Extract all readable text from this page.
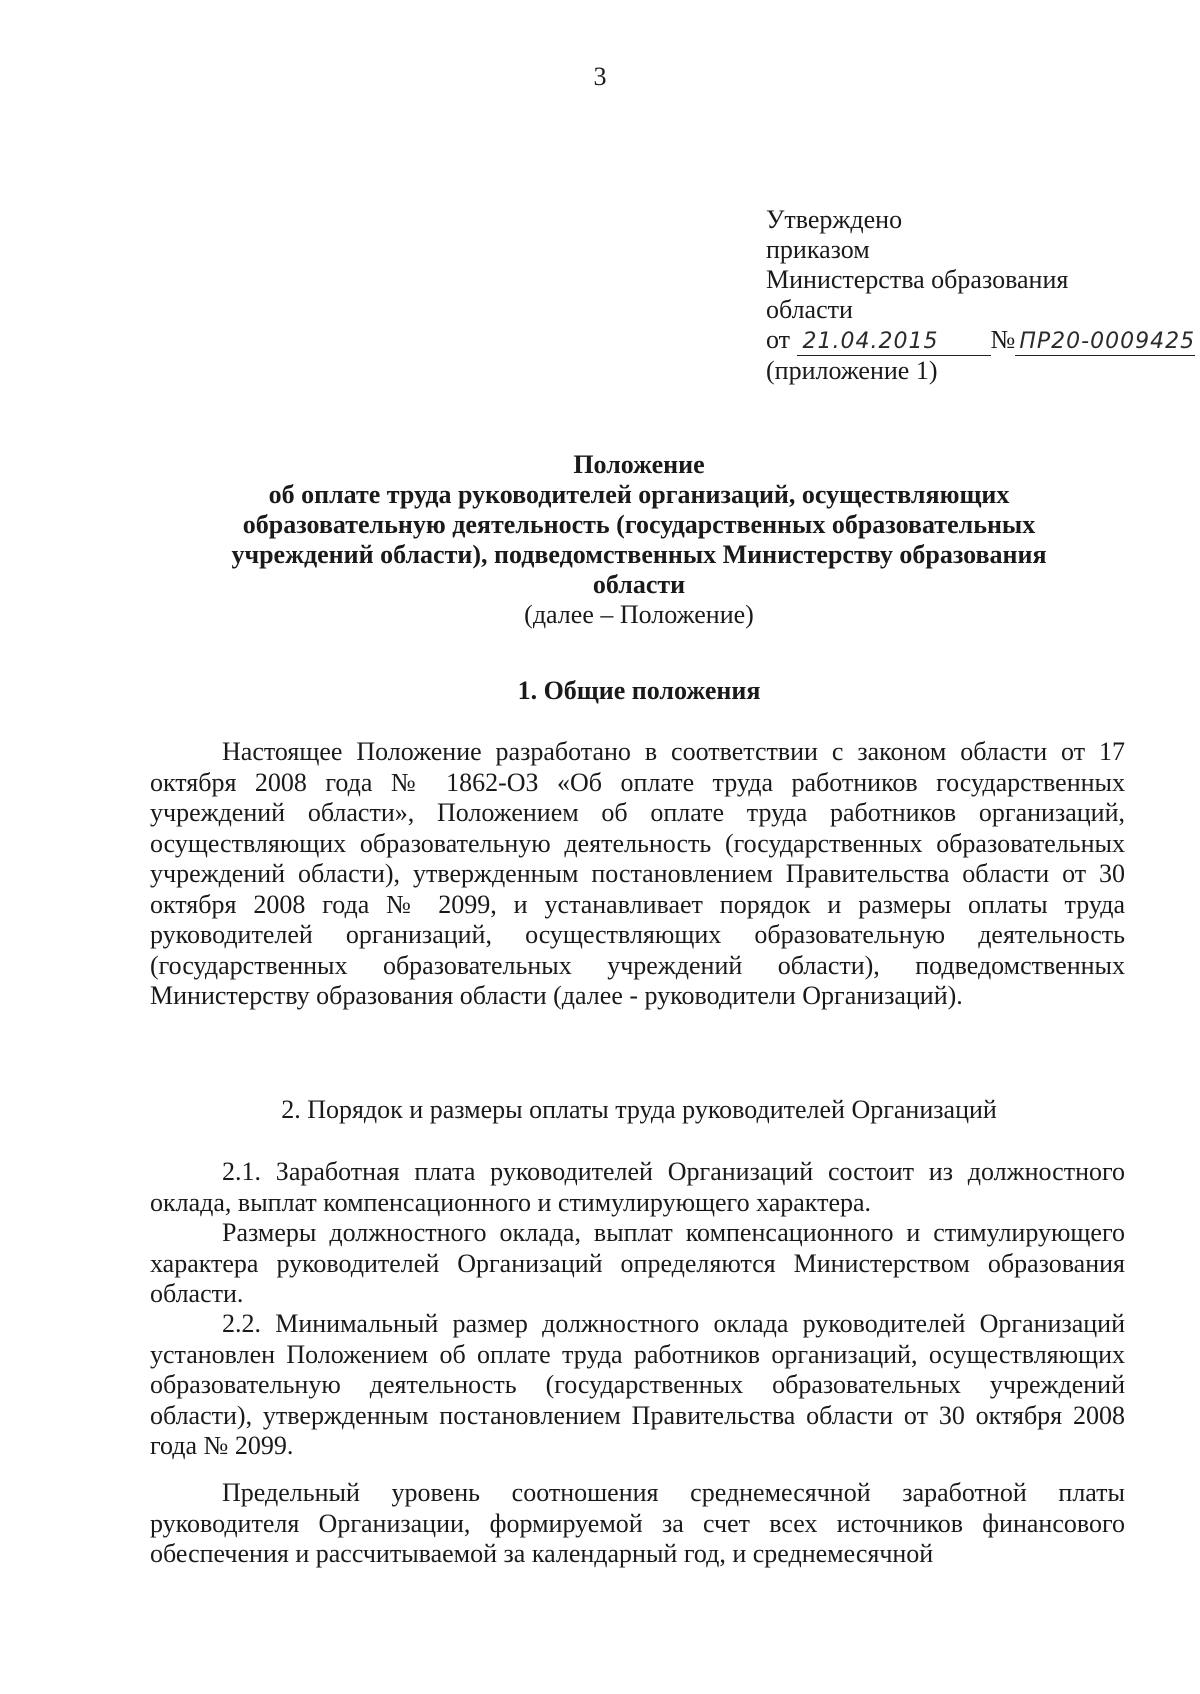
3
Утверждено
приказом
Министерства образования
области
от 21.04.2015 № ПР20-0009425
(приложение 1)
Положение
об оплате труда руководителей организаций, осуществляющих
образовательную деятельность (государственных образовательных
учреждений области), подведомственных Министерству образования
области
(далее – Положение)
1. Общие положения
Настоящее Положение разработано в соответствии с законом области от 17 октября 2008 года № 1862-ОЗ «Об оплате труда работников государственных учреждений области», Положением об оплате труда работников организаций, осуществляющих образовательную деятельность (государственных образовательных учреждений области), утвержденным постановлением Правительства области от 30 октября 2008 года № 2099, и устанавливает порядок и размеры оплаты труда руководителей организаций, осуществляющих образовательную деятельность (государственных образовательных учреждений области), подведомственных Министерству образования области (далее - руководители Организаций).
2. Порядок и размеры оплаты труда руководителей Организаций
2.1. Заработная плата руководителей Организаций состоит из должностного оклада, выплат компенсационного и стимулирующего характера.
Размеры должностного оклада, выплат компенсационного и стимулирующего характера руководителей Организаций определяются Министерством образования области.
2.2. Минимальный размер должностного оклада руководителей Организаций установлен Положением об оплате труда работников организаций, осуществляющих образовательную деятельность (государственных образовательных учреждений области), утвержденным постановлением Правительства области от 30 октября 2008 года № 2099.
Предельный уровень соотношения среднемесячной заработной платы руководителя Организации, формируемой за счет всех источников финансового обеспечения и рассчитываемой за календарный год, и среднемесячной
